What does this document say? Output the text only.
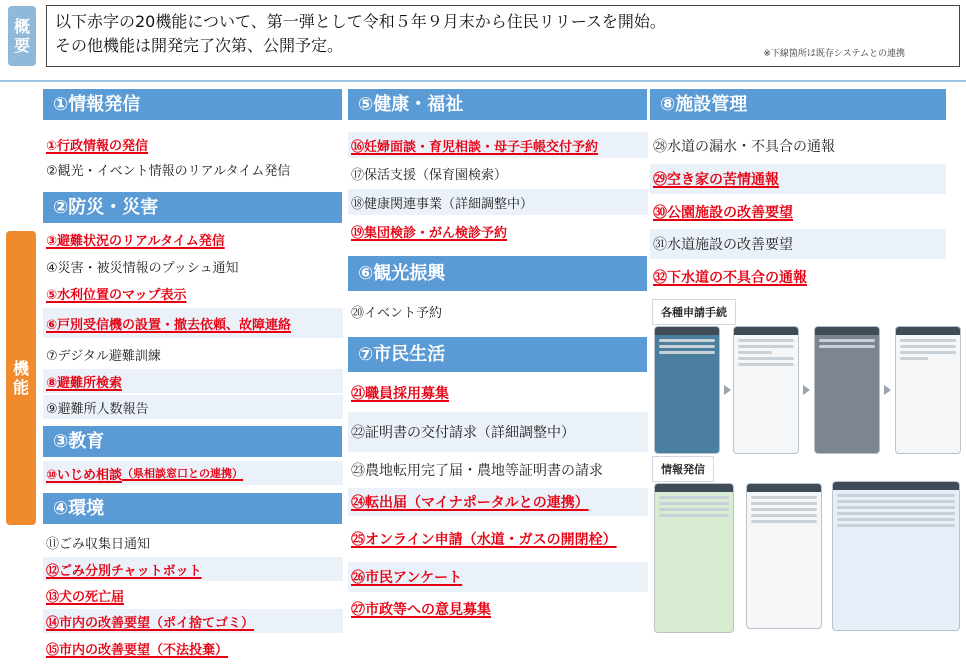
概
要

以下赤字の20機能について、第一弾として令和５年９月末から住民リリースを開始。

その他機能は開発完了次第、公開予定。	※下線箇所は既存システムとの連携
機
能
①情報発信
①行政情報の発信
②観光・イベント情報のリアルタイム発信
②防災・災害
③避難状況のリアルタイム発信
④災害・被災情報のプッシュ通知
⑤水利位置のマップ表示
⑥戸別受信機の設置・撤去依頼、故障連絡
⑦デジタル避難訓練
⑧避難所検索
⑨避難所人数報告
③教育
⑩いじめ相談 （県相談窓口との連携）
④環境
⑪ごみ収集日通知
⑫ごみ分別チャットボット
⑬犬の死亡届
⑭市内の改善要望（ポイ捨てゴミ）
⑮市内の改善要望（不法投棄）
⑤健康・福祉
⑯妊婦面談・育児相談・母子手帳交付予約
⑰保活支援（保育園検索）
⑱健康関連事業（詳細調整中）
⑲集団検診・がん検診予約
⑥観光振興
⑳イベント予約
⑦市民生活
㉑職員採用募集
㉒証明書の交付請求（詳細調整中）
㉓農地転用完了届・農地等証明書の請求
㉔転出届（マイナポータルとの連携）
㉕オンライン申請（水道・ガスの開閉栓）
㉖市民アンケート
㉗市政等への意見募集
⑧施設管理
㉘水道の漏水・不具合の通報
㉙空き家の苦情通報
㉚公園施設の改善要望
㉛水道施設の改善要望
㉜下水道の不具合の通報
各種申請手続
情報発信
